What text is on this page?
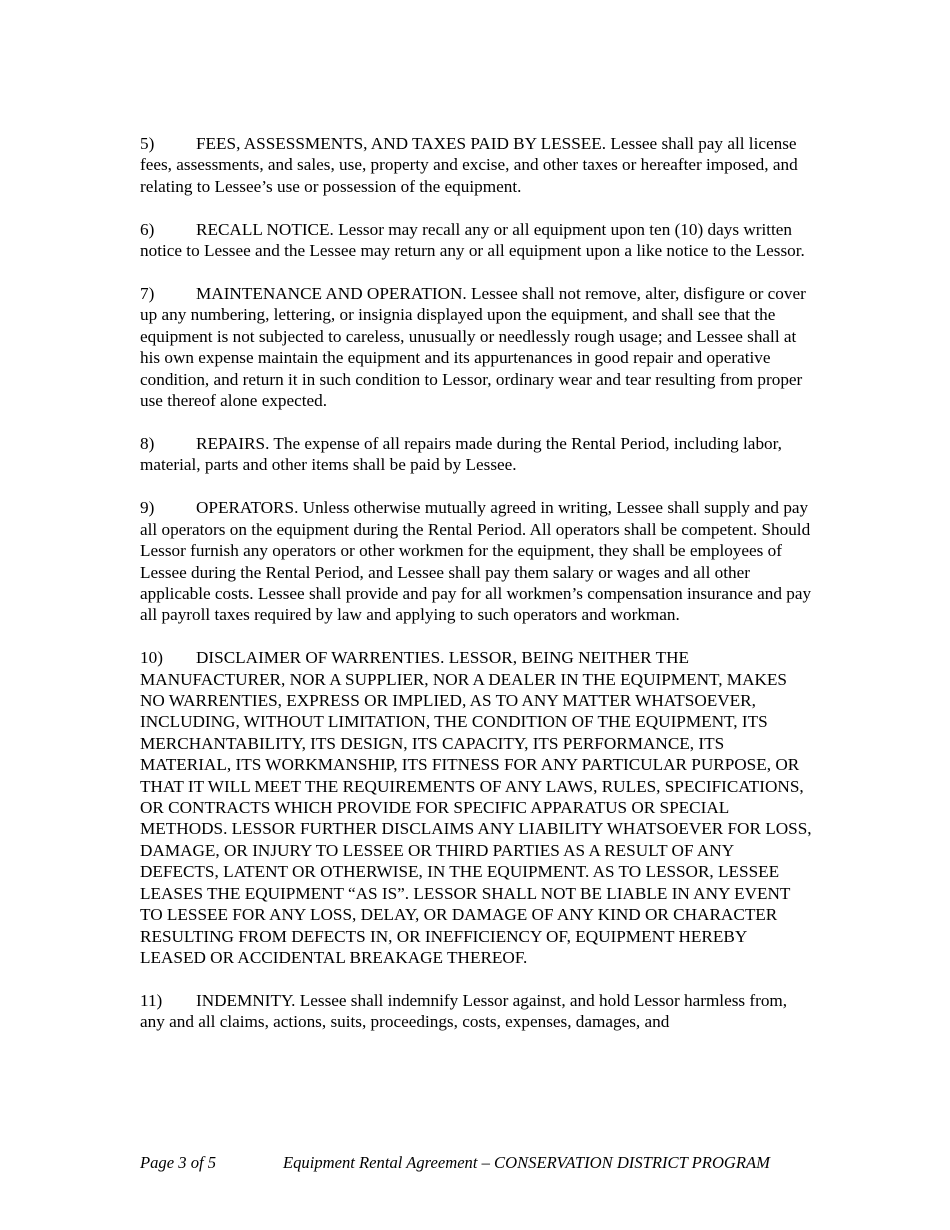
5) FEES, ASSESSMENTS, AND TAXES PAID BY LESSEE. Lessee shall pay all license fees, assessments, and sales, use, property and excise, and other taxes or hereafter imposed, and relating to Lessee’s use or possession of the equipment.

6) RECALL NOTICE. Lessor may recall any or all equipment upon ten (10) days written notice to Lessee and the Lessee may return any or all equipment upon a like notice to the Lessor.

7) MAINTENANCE AND OPERATION. Lessee shall not remove, alter, disfigure or cover up any numbering, lettering, or insignia displayed upon the equipment, and shall see that the equipment is not subjected to careless, unusually or needlessly rough usage; and Lessee shall at his own expense maintain the equipment and its appurtenances in good repair and operative condition, and return it in such condition to Lessor, ordinary wear and tear resulting from proper use thereof alone expected.

8) REPAIRS. The expense of all repairs made during the Rental Period, including labor, material, parts and other items shall be paid by Lessee.

9) OPERATORS. Unless otherwise mutually agreed in writing, Lessee shall supply and pay all operators on the equipment during the Rental Period. All operators shall be competent. Should Lessor furnish any operators or other workmen for the equipment, they shall be employees of Lessee during the Rental Period, and Lessee shall pay them salary or wages and all other applicable costs. Lessee shall provide and pay for all workmen’s compensation insurance and pay all payroll taxes required by law and applying to such operators and workman.

10) DISCLAIMER OF WARRENTIES. LESSOR, BEING NEITHER THE MANUFACTURER, NOR A SUPPLIER, NOR A DEALER IN THE EQUIPMENT, MAKES NO WARRENTIES, EXPRESS OR IMPLIED, AS TO ANY MATTER WHATSOEVER, INCLUDING, WITHOUT LIMITATION, THE CONDITION OF THE EQUIPMENT, ITS MERCHANTABILITY, ITS DESIGN, ITS CAPACITY, ITS PERFORMANCE, ITS MATERIAL, ITS WORKMANSHIP, ITS FITNESS FOR ANY PARTICULAR PURPOSE, OR THAT IT WILL MEET THE REQUIREMENTS OF ANY LAWS, RULES, SPECIFICATIONS, OR CONTRACTS WHICH PROVIDE FOR SPECIFIC APPARATUS OR SPECIAL METHODS. LESSOR FURTHER DISCLAIMS ANY LIABILITY WHATSOEVER FOR LOSS, DAMAGE, OR INJURY TO LESSEE OR THIRD PARTIES AS A RESULT OF ANY DEFECTS, LATENT OR OTHERWISE, IN THE EQUIPMENT. AS TO LESSOR, LESSEE LEASES THE EQUIPMENT “AS IS”. LESSOR SHALL NOT BE LIABLE IN ANY EVENT TO LESSEE FOR ANY LOSS, DELAY, OR DAMAGE OF ANY KIND OR CHARACTER RESULTING FROM DEFECTS IN, OR INEFFICIENCY OF, EQUIPMENT HEREBY LEASED OR ACCIDENTAL BREAKAGE THEREOF.

11) INDEMNITY. Lessee shall indemnify Lessor against, and hold Lessor harmless from, any and all claims, actions, suits, proceedings, costs, expenses, damages, and

Page 3 of 5	Equipment Rental Agreement – CONSERVATION DISTRICT PROGRAM
